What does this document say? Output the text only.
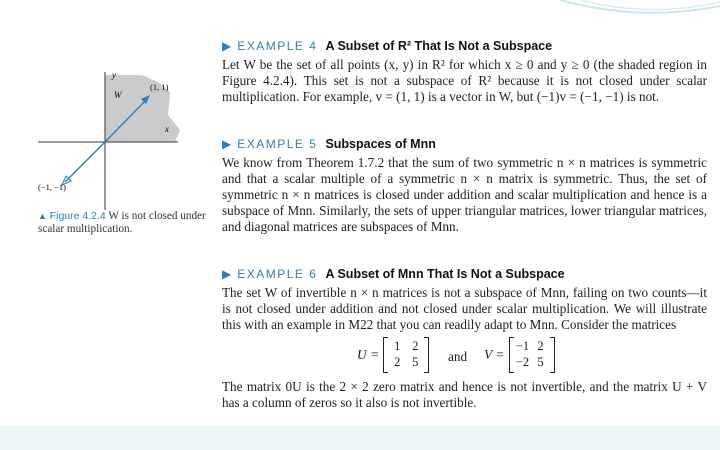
y
x
W
(1, 1)
(−1, −1)
▲ Figure 4.2.4 W is not closed under scalar multiplication.
▶ EXAMPLE 4 A Subset of R² That Is Not a Subspace
Let W be the set of all points (x, y) in R² for which x ≥ 0 and y ≥ 0 (the shaded region in Figure 4.2.4). This set is not a subspace of R² because it is not closed under scalar multiplication. For example, v = (1, 1) is a vector in W, but (−1)v = (−1, −1) is not.
▶ EXAMPLE 5 Subspaces of Mnn
We know from Theorem 1.7.2 that the sum of two symmetric n × n matrices is symmetric and that a scalar multiple of a symmetric n × n matrix is symmetric. Thus, the set of symmetric n × n matrices is closed under addition and scalar multiplication and hence is a subspace of Mnn. Similarly, the sets of upper triangular matrices, lower triangular matrices, and diagonal matrices are subspaces of Mnn.
▶ EXAMPLE 6 A Subset of Mnn That Is Not a Subspace
The set W of invertible n × n matrices is not a subspace of Mnn, failing on two counts—it is not closed under addition and not closed under scalar multiplication. We will illustrate this with an example in M22 that you can readily adapt to Mnn. Consider the matrices
U =
1 2
2 5	and V =
−1 2
−2 5
The matrix 0U is the 2 × 2 zero matrix and hence is not invertible, and the matrix U + V has a column of zeros so it also is not invertible.
